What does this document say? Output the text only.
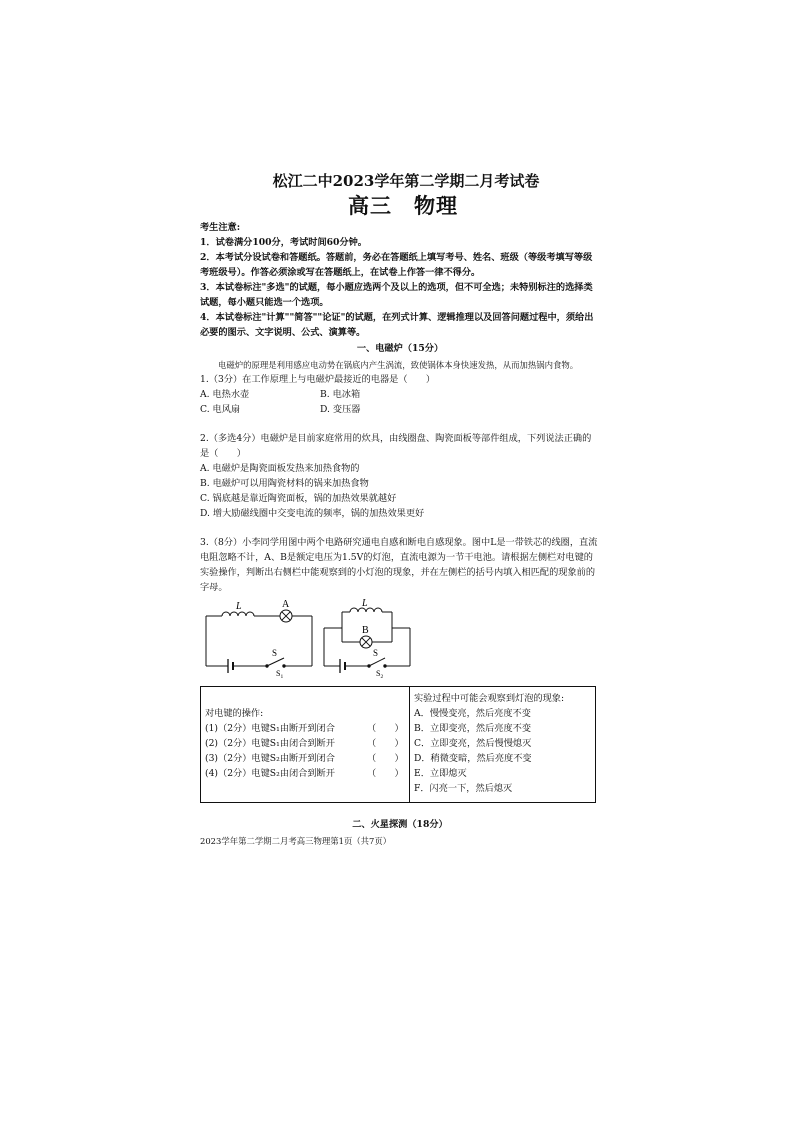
松江二中2023学年第二学期二月考试卷
高三 物理

考生注意:

1．试卷满分100分，考试时间60分钟。

2．本考试分设试卷和答题纸。答题前，务必在答题纸上填写考号、姓名、班级（等级考填写等级考班级号）。作答必须涂或写在答题纸上，在试卷上作答一律不得分。

3．本试卷标注"多选"的试题，每小题应选两个及以上的选项，但不可全选；未特别标注的选择类试题，每小题只能选一个选项。

4．本试卷标注"计算""简答""论证"的试题，在列式计算、逻辑推理以及回答问题过程中，须给出必要的图示、文字说明、公式、演算等。

一、电磁炉（15分）

电磁炉的原理是利用感应电动势在锅底内产生涡流，致使锅体本身快速发热，从而加热锅内食物。

1.（3分）在工作原理上与电磁炉最接近的电器是（　　）

A. 电热水壶	B. 电冰箱
C. 电风扇	D. 变压器

2.（多选4分）电磁炉是目前家庭常用的炊具，由线圈盘、陶瓷面板等部件组成，下列说法正确的是（　　）

A. 电磁炉是陶瓷面板发热来加热食物的

B. 电磁炉可以用陶瓷材料的锅来加热食物

C. 锅底越是靠近陶瓷面板，锅的加热效果就越好

D. 增大励磁线圈中交变电流的频率，锅的加热效果更好

3.（8分）小李同学用图中两个电路研究通电自感和断电自感现象。图中L是一带铁芯的线圈，直流电阻忽略不计，A、B是额定电压为1.5V的灯泡，直流电源为一节干电池。请根据左侧栏对电键的实验操作，判断出右侧栏中能观察到的小灯泡的现象，并在左侧栏的括号内填入相匹配的现象前的字母。

L	A
S
$S_1$
L
B
S
$S_2$
对电键的操作:
(1)（2分）电键S₁由断开到闭合	（　　）
(2)（2分）电键S₁由闭合到断开	（　　）
(3)（2分）电键S₂由断开到闭合	（　　）
(4)（2分）电键S₂由闭合到断开	（　　）
实验过程中可能会观察到灯泡的现象:
A．慢慢变亮，然后亮度不变
B．立即变亮，然后亮度不变
C．立即变亮，然后慢慢熄灭
D．稍微变暗，然后亮度不变
E．立即熄灭
F．闪亮一下，然后熄灭
二、火星探测（18分）
2023学年第二学期二月考高三物理第1页（共7页）
